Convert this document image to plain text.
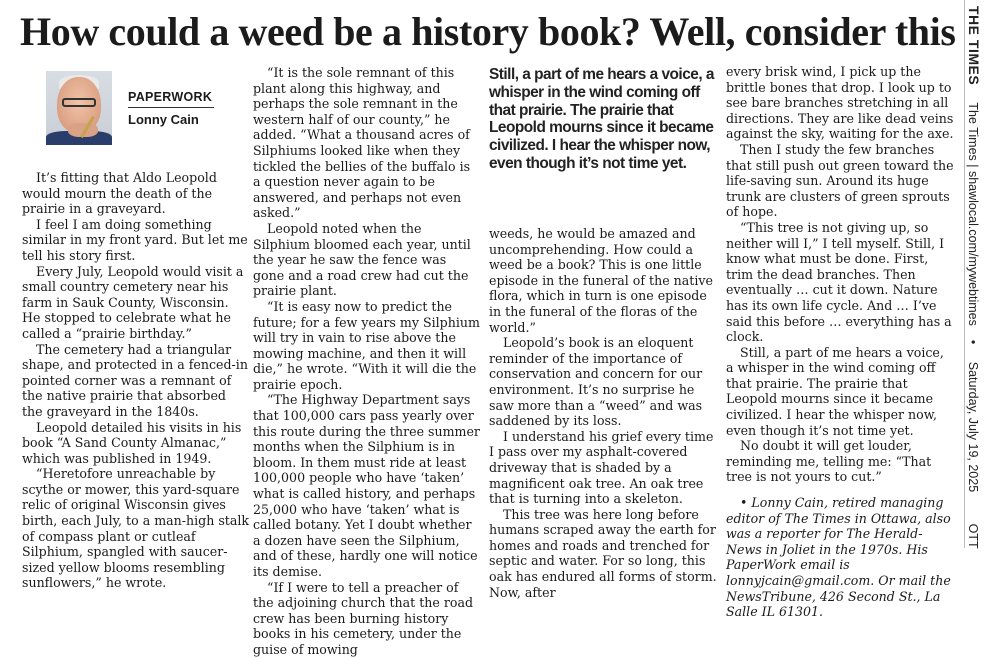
How could a weed be a history book? Well, consider this THE TIMES The Times | shawlocal.com/mywebtimes• Saturday, July 19, 2025 OTT
PAPERWORK
Lonny Cain
Still, a part of me hears a voice, a whisper in the wind coming off that prairie. The prairie that Leopold mourns since it became civilized. I hear the whisper now, even though it’s not time yet.

It’s fitting that Aldo Leopold would mourn the death of the prairie in a graveyard.

I feel I am doing something similar in my front yard. But let me tell his story first.

Every July, Leopold would visit a small country cemetery near his farm in Sauk County, Wisconsin. He stopped to celebrate what he called a “prairie birthday.”

The cemetery had a triangular shape, and protected in a fenced-in pointed corner was a remnant of the native prairie that absorbed the graveyard in the 1840s.

Leopold detailed his visits in his book “A Sand County Almanac,” which was published in 1949.

“Heretofore unreachable by scythe or mower, this yard-square relic of original Wisconsin gives birth, each July, to a man-high stalk of compass plant or cutleaf Silphium, spangled with saucer-sized yellow blooms resembling sunflowers,” he wrote.

“It is the sole remnant of this plant along this highway, and perhaps the sole remnant in the western half of our county,” he added. “What a thousand acres of Silphiums looked like when they tickled the bellies of the buffalo is a question never again to be answered, and perhaps not even asked.”

Leopold noted when the Silphium bloomed each year, until the year he saw the fence was gone and a road crew had cut the prairie plant.

“It is easy now to predict the future; for a few years my Silphium will try in vain to rise above the mowing machine, and then it will die,” he wrote. “With it will die the prairie epoch.

“The Highway Department says that 100,000 cars pass yearly over this route during the three summer months when the Silphium is in bloom. In them must ride at least 100,000 people who have ‘taken’ what is called history, and perhaps 25,000 who have ‘taken’ what is called botany. Yet I doubt whether a dozen have seen the Silphium, and of these, hardly one will notice its demise.

“If I were to tell a preacher of the adjoining church that the road crew has been burning history books in his cemetery, under the guise of mowing

weeds, he would be amazed and uncomprehending. How could a weed be a book? This is one little episode in the funeral of the native flora, which in turn is one episode in the funeral of the floras of the world.”

Leopold’s book is an eloquent reminder of the importance of conservation and concern for our environment. It’s no surprise he saw more than a “weed” and was saddened by its loss.

I understand his grief every time I pass over my asphalt-covered driveway that is shaded by a magnificent oak tree. An oak tree that is turning into a skeleton.

This tree was here long before humans scraped away the earth for homes and roads and trenched for septic and water. For so long, this oak has endured all forms of storm. Now, after

every brisk wind, I pick up the brittle bones that drop. I look up to see bare branches stretching in all directions. They are like dead veins against the sky, waiting for the axe.

Then I study the few branches that still push out green toward the life-saving sun. Around its huge trunk are clusters of green sprouts of hope.

“This tree is not giving up, so neither will I,” I tell myself. Still, I know what must be done. First, trim the dead branches. Then eventually … cut it down. Nature has its own life cycle. And … I’ve said this before … everything has a clock.

Still, a part of me hears a voice, a whisper in the wind coming off that prairie. The prairie that Leopold mourns since it became civilized. I hear the whisper now, even though it’s not time yet.

No doubt it will get louder, reminding me, telling me: “That tree is not yours to cut.”

• Lonny Cain, retired managing editor of The Times in Ottawa, also was a reporter for The Herald-News in Joliet in the 1970s. His PaperWork email is lonnyjcain@gmail.com. Or mail the NewsTribune, 426 Second St., La Salle IL 61301.
